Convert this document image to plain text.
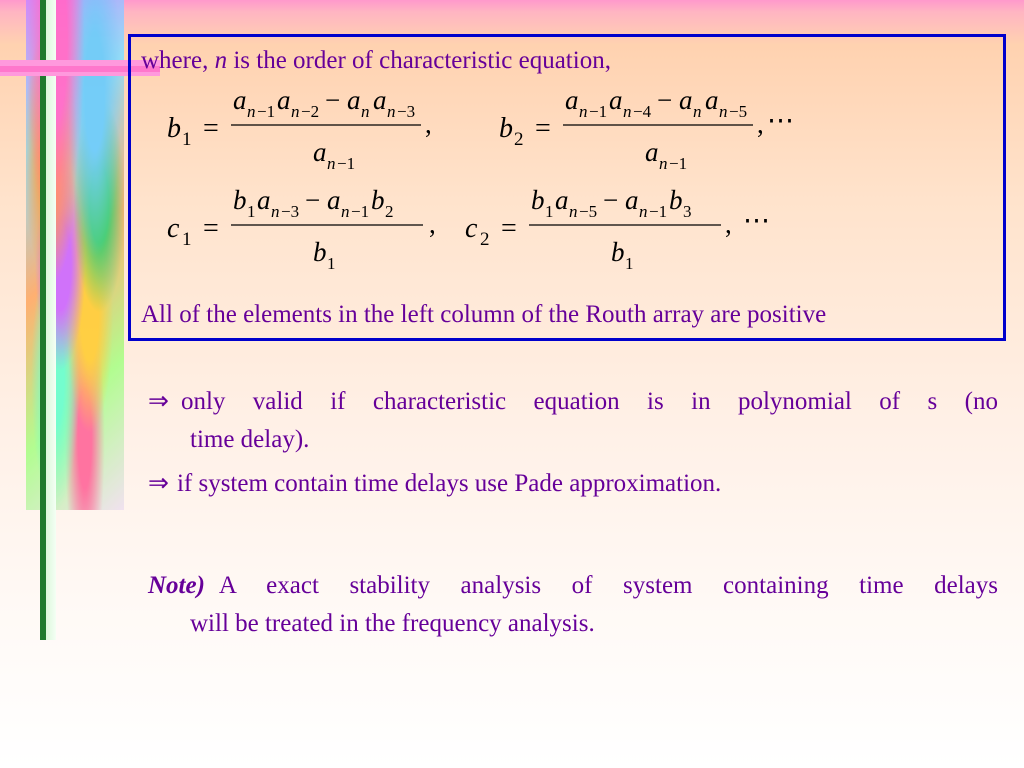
where, n is the order of characteristic equation,
b 1 =
a n −1 a n −2 − a n a n −3
a n −1
, b 2 =
a n −1 a n −4 − a n a n −5
a n −1
, ⋯
c 1 =
b 1 a n −3 − a n −1 b 2
b 1
, c 2 =
b 1 a n −5 − a n −1 b 3
b 1
, ⋯
All of the elements in the left column of the Routh array are positive
⇒ only valid if characteristic equation is in polynomial of s (no
time delay).
⇒ if system contain time delays use Pade approximation.
Note) A exact stability analysis of system containing time delays
will be treated in the frequency analysis.
